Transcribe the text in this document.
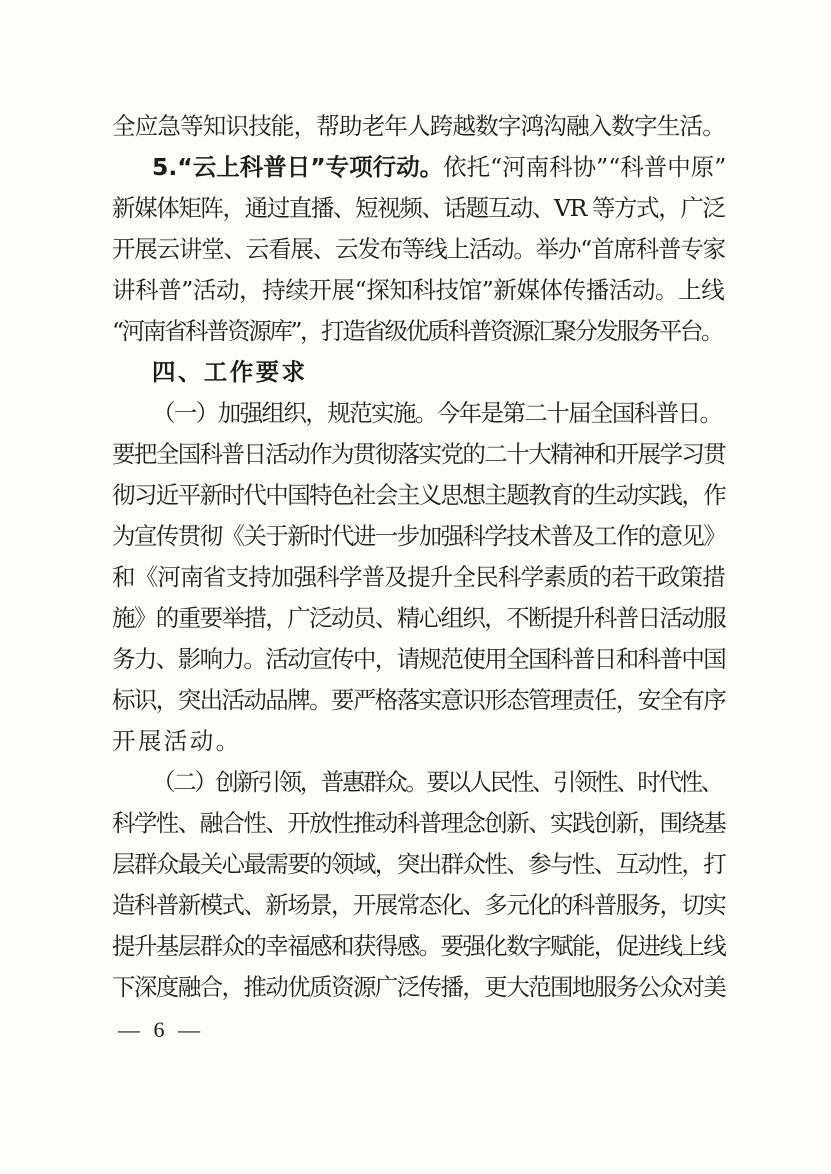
全应急等知识技能，帮助老年人跨越数字鸿沟融入数字生活。
5.“云上科普日”专项行动。依托“河南科协”“科普中原”
新媒体矩阵，通过直播、短视频、话题互动、VR 等方式，广泛
开展云讲堂、云看展、云发布等线上活动。举办“首席科普专家
讲科普”活动，持续开展“探知科技馆”新媒体传播活动。上线
“河南省科普资源库”，打造省级优质科普资源汇聚分发服务平台。
四、工作要求
（一）加强组织，规范实施。今年是第二十届全国科普日。
要把全国科普日活动作为贯彻落实党的二十大精神和开展学习贯
彻习近平新时代中国特色社会主义思想主题教育的生动实践，作
为宣传贯彻《关于新时代进一步加强科学技术普及工作的意见》
和《河南省支持加强科学普及提升全民科学素质的若干政策措
施》的重要举措，广泛动员、精心组织，不断提升科普日活动服
务力、影响力。活动宣传中，请规范使用全国科普日和科普中国
标识，突出活动品牌。要严格落实意识形态管理责任，安全有序
开展活动。
（二）创新引领，普惠群众。要以人民性、引领性、时代性、
科学性、融合性、开放性推动科普理念创新、实践创新，围绕基
层群众最关心最需要的领域，突出群众性、参与性、互动性，打
造科普新模式、新场景，开展常态化、多元化的科普服务，切实
提升基层群众的幸福感和获得感。要强化数字赋能，促进线上线
下深度融合，推动优质资源广泛传播，更大范围地服务公众对美
— 6 —
